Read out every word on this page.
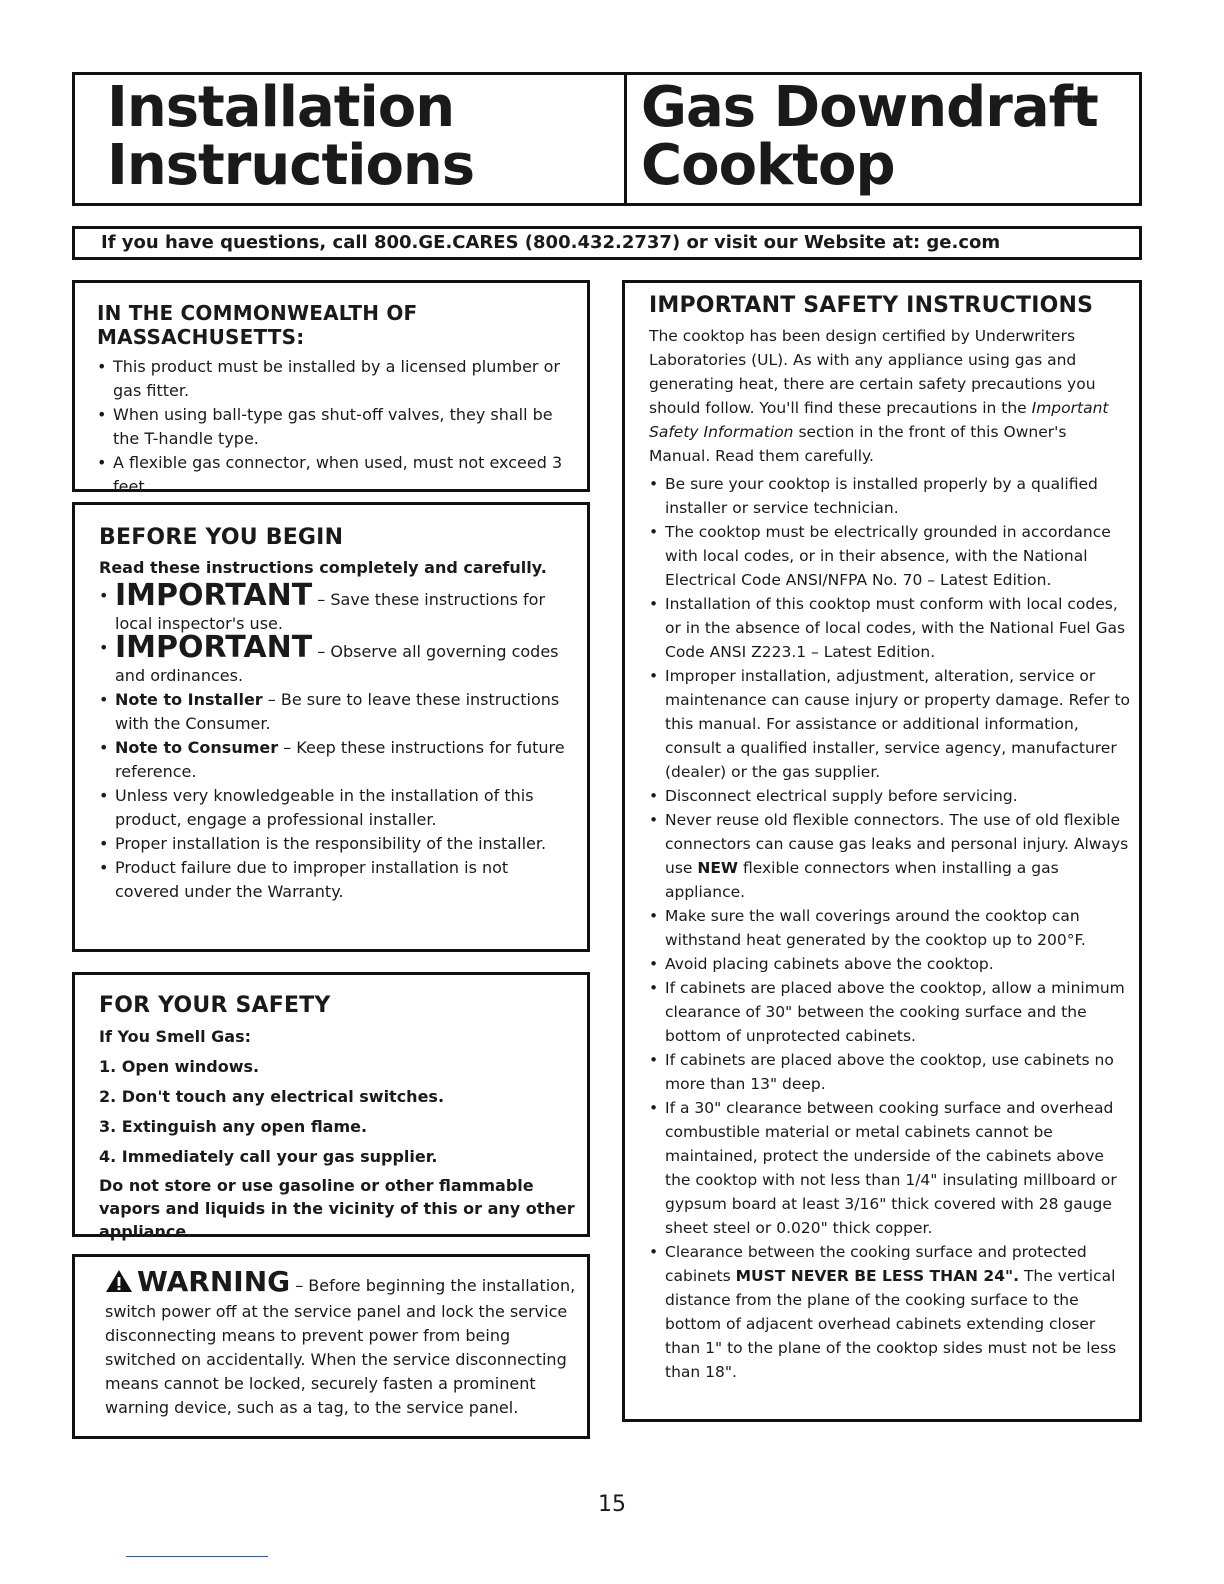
Installation
Instructions
Gas Downdraft
Cooktop
If you have questions, call 800.GE.CARES (800.432.2737) or visit our Website at: ge.com
IN THE COMMONWEALTH OF MASSACHUSETTS:
• This product must be installed by a licensed plumber or gas fitter.
• When using ball-type gas shut-off valves, they shall be the T-handle type.
• A flexible gas connector, when used, must not exceed 3 feet.
BEFORE YOU BEGIN
Read these instructions completely and carefully.
• IMPORTANT – Save these instructions for local inspector's use.
• IMPORTANT – Observe all governing codes and ordinances.
• Note to Installer – Be sure to leave these instructions with the Consumer.
• Note to Consumer – Keep these instructions for future reference.
• Unless very knowledgeable in the installation of this product, engage a professional installer.
• Proper installation is the responsibility of the installer.
• Product failure due to improper installation is not covered under the Warranty.
FOR YOUR SAFETY
If You Smell Gas:
1. Open windows.
2. Don't touch any electrical switches.
3. Extinguish any open flame.
4. Immediately call your gas supplier.
Do not store or use gasoline or other flammable vapors and liquids in the vicinity of this or any other appliance.
WARNING – Before beginning the installation, switch power off at the service panel and lock the service disconnecting means to prevent power from being switched on accidentally. When the service disconnecting means cannot be locked, securely fasten a prominent warning device, such as a tag, to the service panel.
IMPORTANT SAFETY INSTRUCTIONS
The cooktop has been design certified by Underwriters Laboratories (UL). As with any appliance using gas and generating heat, there are certain safety precautions you should follow. You'll find these precautions in the Important Safety Information section in the front of this Owner's Manual. Read them carefully.
• Be sure your cooktop is installed properly by a qualified installer or service technician.
• The cooktop must be electrically grounded in accordance with local codes, or in their absence, with the National Electrical Code ANSI/NFPA No. 70 – Latest Edition.
• Installation of this cooktop must conform with local codes, or in the absence of local codes, with the National Fuel Gas Code ANSI Z223.1 – Latest Edition.
• Improper installation, adjustment, alteration, service or maintenance can cause injury or property damage. Refer to this manual. For assistance or additional information, consult a qualified installer, service agency, manufacturer (dealer) or the gas supplier.
• Disconnect electrical supply before servicing.
• Never reuse old flexible connectors. The use of old flexible connectors can cause gas leaks and personal injury. Always use NEW flexible connectors when installing a gas appliance.
• Make sure the wall coverings around the cooktop can withstand heat generated by the cooktop up to 200°F.
• Avoid placing cabinets above the cooktop.
• If cabinets are placed above the cooktop, allow a minimum clearance of 30" between the cooking surface and the bottom of unprotected cabinets.
• If cabinets are placed above the cooktop, use cabinets no more than 13" deep.
• If a 30" clearance between cooking surface and overhead combustible material or metal cabinets cannot be maintained, protect the underside of the cabinets above the cooktop with not less than 1/4" insulating millboard or gypsum board at least 3/16" thick covered with 28 gauge sheet steel or 0.020" thick copper.
• Clearance between the cooking surface and protected cabinets MUST NEVER BE LESS THAN 24". The vertical distance from the plane of the cooking surface to the bottom of adjacent overhead cabinets extending closer than 1" to the plane of the cooktop sides must not be less than 18".
15
